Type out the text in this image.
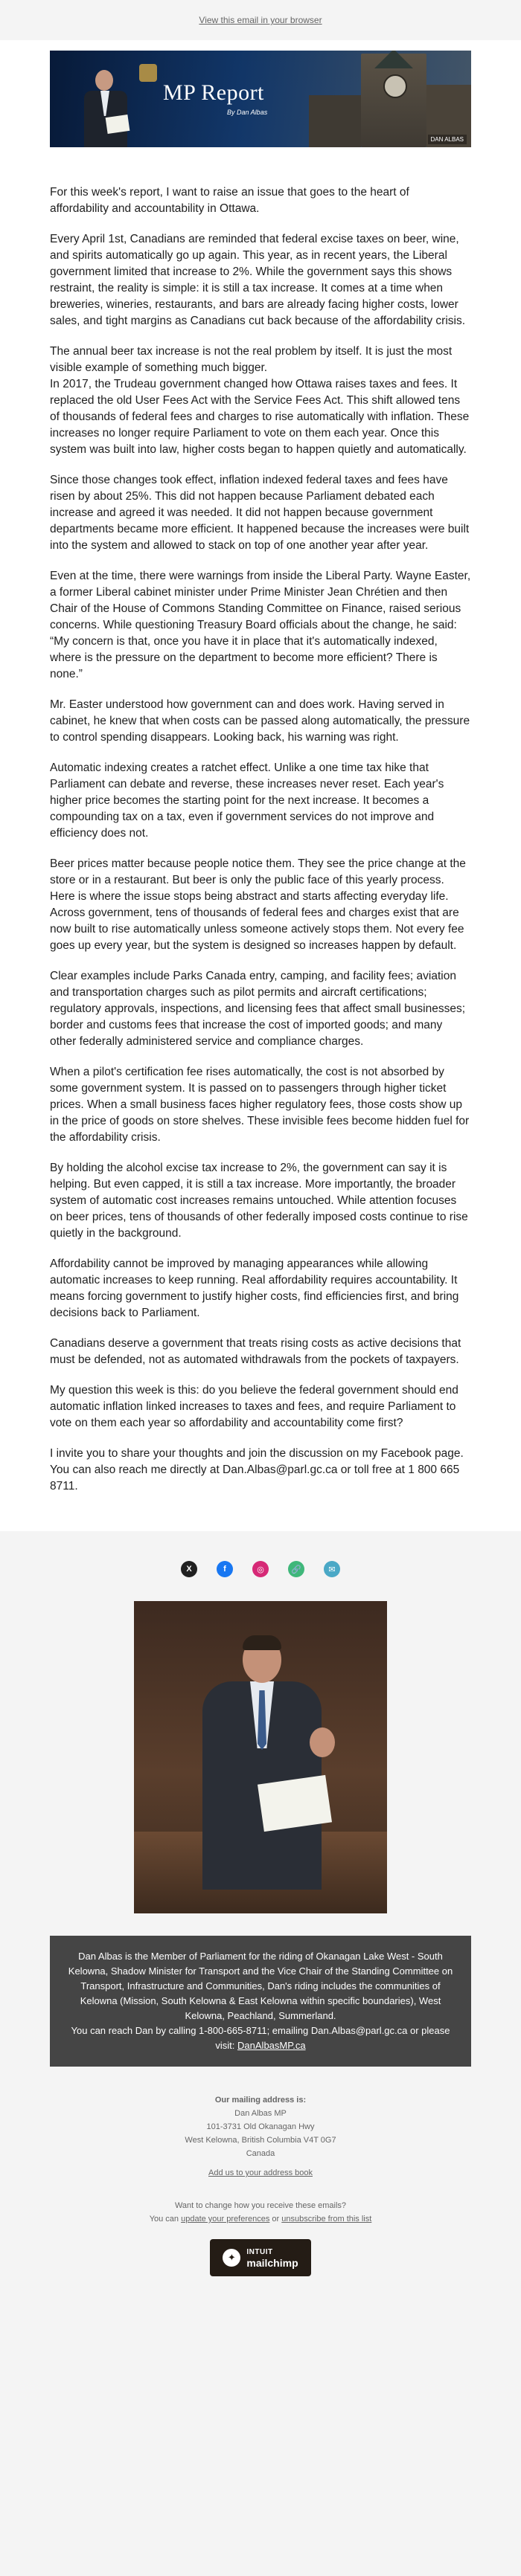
View this email in your browser
MP Report
By Dan Albas
DAN ALBAS

For this week's report, I want to raise an issue that goes to the heart of affordability and accountability in Ottawa.

Every April 1st, Canadians are reminded that federal excise taxes on beer, wine, and spirits automatically go up again. This year, as in recent years, the Liberal government limited that increase to 2%. While the government says this shows restraint, the reality is simple: it is still a tax increase. It comes at a time when breweries, wineries, restaurants, and bars are already facing higher costs, lower sales, and tight margins as Canadians cut back because of the affordability crisis.

The annual beer tax increase is not the real problem by itself. It is just the most visible example of something much bigger.
In 2017, the Trudeau government changed how Ottawa raises taxes and fees. It replaced the old User Fees Act with the Service Fees Act. This shift allowed tens of thousands of federal fees and charges to rise automatically with inflation. These increases no longer require Parliament to vote on them each year. Once this system was built into law, higher costs began to happen quietly and automatically.

Since those changes took effect, inflation indexed federal taxes and fees have risen by about 25%. This did not happen because Parliament debated each increase and agreed it was needed. It did not happen because government departments became more efficient. It happened because the increases were built into the system and allowed to stack on top of one another year after year.

Even at the time, there were warnings from inside the Liberal Party. Wayne Easter, a former Liberal cabinet minister under Prime Minister Jean Chrétien and then Chair of the House of Commons Standing Committee on Finance, raised serious concerns. While questioning Treasury Board officials about the change, he said: “My concern is that, once you have it in place that it's automatically indexed, where is the pressure on the department to become more efficient? There is none.”

Mr. Easter understood how government can and does work. Having served in cabinet, he knew that when costs can be passed along automatically, the pressure to control spending disappears. Looking back, his warning was right.

Automatic indexing creates a ratchet effect. Unlike a one time tax hike that Parliament can debate and reverse, these increases never reset. Each year's higher price becomes the starting point for the next increase. It becomes a compounding tax on a tax, even if government services do not improve and efficiency does not.

Beer prices matter because people notice them. They see the price change at the store or in a restaurant. But beer is only the public face of this yearly process. Here is where the issue stops being abstract and starts affecting everyday life. Across government, tens of thousands of federal fees and charges exist that are now built to rise automatically unless someone actively stops them. Not every fee goes up every year, but the system is designed so increases happen by default.

Clear examples include Parks Canada entry, camping, and facility fees; aviation and transportation charges such as pilot permits and aircraft certifications; regulatory approvals, inspections, and licensing fees that affect small businesses; border and customs fees that increase the cost of imported goods; and many other federally administered service and compliance charges.

When a pilot's certification fee rises automatically, the cost is not absorbed by some government system. It is passed on to passengers through higher ticket prices. When a small business faces higher regulatory fees, those costs show up in the price of goods on store shelves. These invisible fees become hidden fuel for the affordability crisis.

By holding the alcohol excise tax increase to 2%, the government can say it is helping. But even capped, it is still a tax increase. More importantly, the broader system of automatic cost increases remains untouched. While attention focuses on beer prices, tens of thousands of other federally imposed costs continue to rise quietly in the background.

Affordability cannot be improved by managing appearances while allowing automatic increases to keep running. Real affordability requires accountability. It means forcing government to justify higher costs, find efficiencies first, and bring decisions back to Parliament.

Canadians deserve a government that treats rising costs as active decisions that must be defended, not as automated withdrawals from the pockets of taxpayers.

My question this week is this: do you believe the federal government should end automatic inflation linked increases to taxes and fees, and require Parliament to vote on them each year so affordability and accountability come first?

I invite you to share your thoughts and join the discussion on my Facebook page. You can also reach me directly at Dan.Albas@parl.gc.ca or toll free at 1 800 665 8711.

X	f	◎	🔗	✉

Dan Albas is the Member of Parliament for the riding of Okanagan Lake West - South Kelowna, Shadow Minister for Transport and the Vice Chair of the Standing Committee on Transport, Infrastructure and Communities, Dan's riding includes the communities of Kelowna (Mission, South Kelowna & East Kelowna within specific boundaries), West Kelowna, Peachland, Summerland.

You can reach Dan by calling 1-800-665-8711; emailing Dan.Albas@parl.gc.ca or please visit: DanAlbasMP.ca

Our mailing address is:
Dan Albas MP
101-3731 Old Okanagan Hwy
West Kelowna, British Columbia V4T 0G7
Canada
Add us to your address book
Want to change how you receive these emails?
You can update your preferences or unsubscribe from this list
✦	INTUIT
mailchimp
